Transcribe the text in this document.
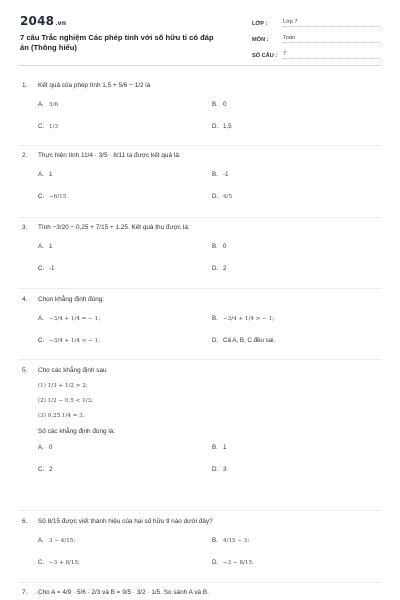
2048.vn
7 câu Trắc nghiệm Các phép tính với số hữu tỉ có đáp án (Thông hiểu)
LỚP :	Lớp 7
MÔN :	Toán
SỐ CÂU :	7
1.	Kết quả của phép tính 1,5 + 5/6 − 1/2 là
A. 5/6	B. 0
C. 1/3	D. 1,5
2.	Thực hiện tính 11/4 · 3/5 · 8/11 ta được kết quả là:
A. 1	B. -1
C. −6/15	D. 4/5
3.	Tính −3/20 − 0,25 + 7/15 + 1,25. Kết quả thu được là:
A. 1	B. 0
C. -1	D. 2
4.	Chọn khẳng định đúng:
A. −3/4 + 1/4 = − 1;	B. −3/4 + 1/4 > − 1;
C. −3/4 + 1/4 < − 1;	D. Cả A, B, C đều sai.
5.	Cho các khẳng định sau
(1) 1/3 + 1/2 > 2;
(2) 1/2 − 0,5 < 1/3;
(3) 0,25.1/4 = 3.
Số các khẳng định đúng là:
A. 0	B. 1
C. 2	D. 3
6.	Số 8/15 được viết thành hiệu của hai số hữu tỉ nào dưới đây?
A. 3 − 4/15;	B. 4/15 − 3;
C. −3 + 8/15;	D. −3 − 8/15.
7.	Cho A = 4/9 · 5/6 · 2/3 và B = 9/5 · 3/2 · 1/5. So sánh A và B.
